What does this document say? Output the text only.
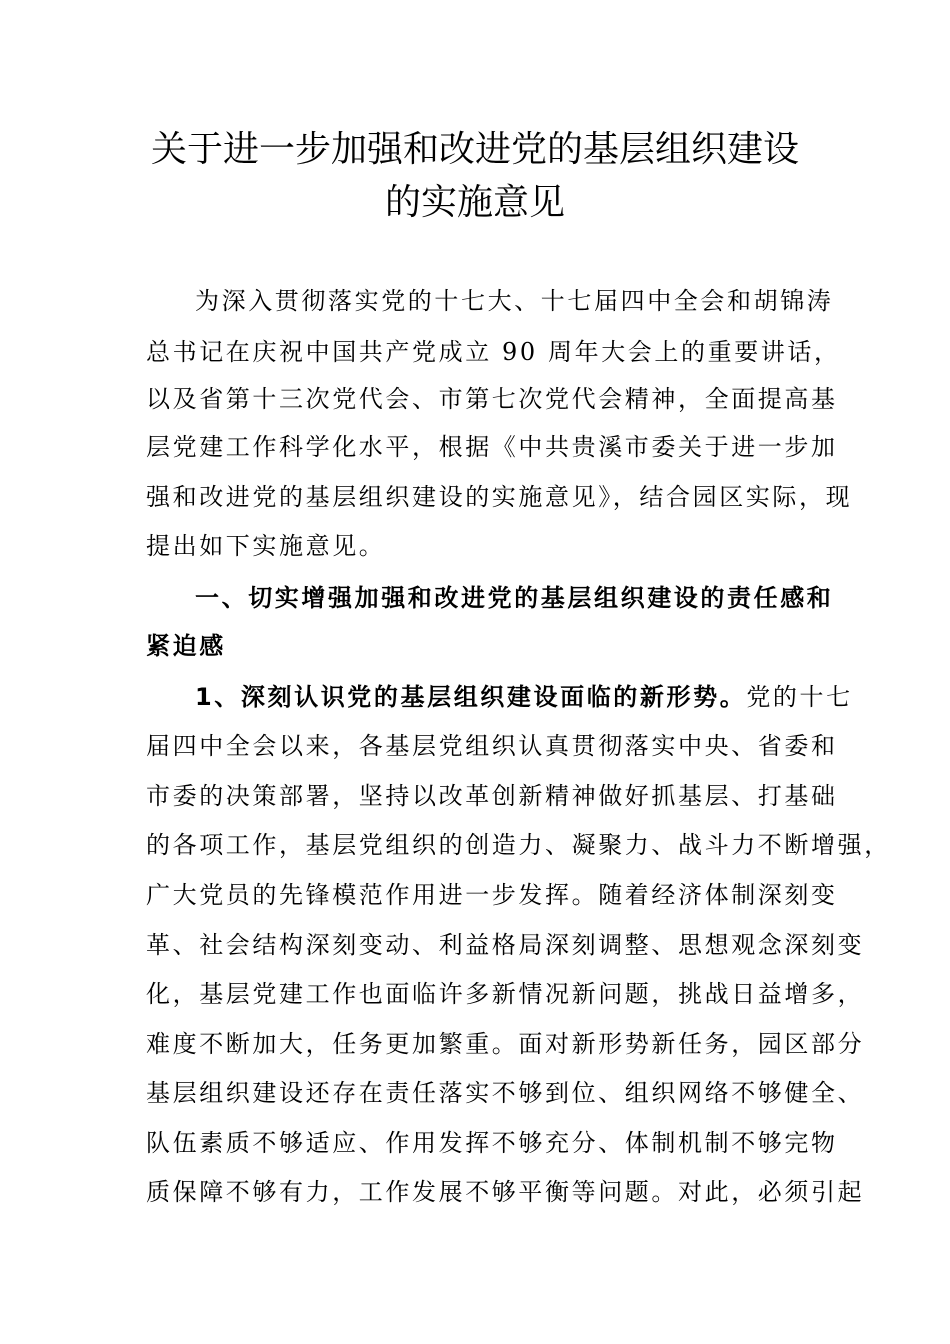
关于进一步加强和改进党的基层组织建设
的实施意见
为深入贯彻落实党的十七大、十七届四中全会和胡锦涛
总书记在庆祝中国共产党成立 90 周年大会上的重要讲话，
以及省第十三次党代会、市第七次党代会精神，全面提高基
层党建工作科学化水平，根据《中共贵溪市委关于进一步加
强和改进党的基层组织建设的实施意见》，结合园区实际，现
提出如下实施意见。
一、切实增强加强和改进党的基层组织建设的责任感和
紧迫感
1、深刻认识党的基层组织建设面临的新形势。党的十七
届四中全会以来，各基层党组织认真贯彻落实中央、省委和
市委的决策部署，坚持以改革创新精神做好抓基层、打基础
的各项工作，基层党组织的创造力、凝聚力、战斗力不断增强，
广大党员的先锋模范作用进一步发挥。随着经济体制深刻变
革、社会结构深刻变动、利益格局深刻调整、思想观念深刻变
化，基层党建工作也面临许多新情况新问题，挑战日益增多，
难度不断加大，任务更加繁重。面对新形势新任务，园区部分
基层组织建设还存在责任落实不够到位、组织网络不够健全、
队伍素质不够适应、作用发挥不够充分、体制机制不够完物
质保障不够有力，工作发展不够平衡等问题。对此，必须引起
